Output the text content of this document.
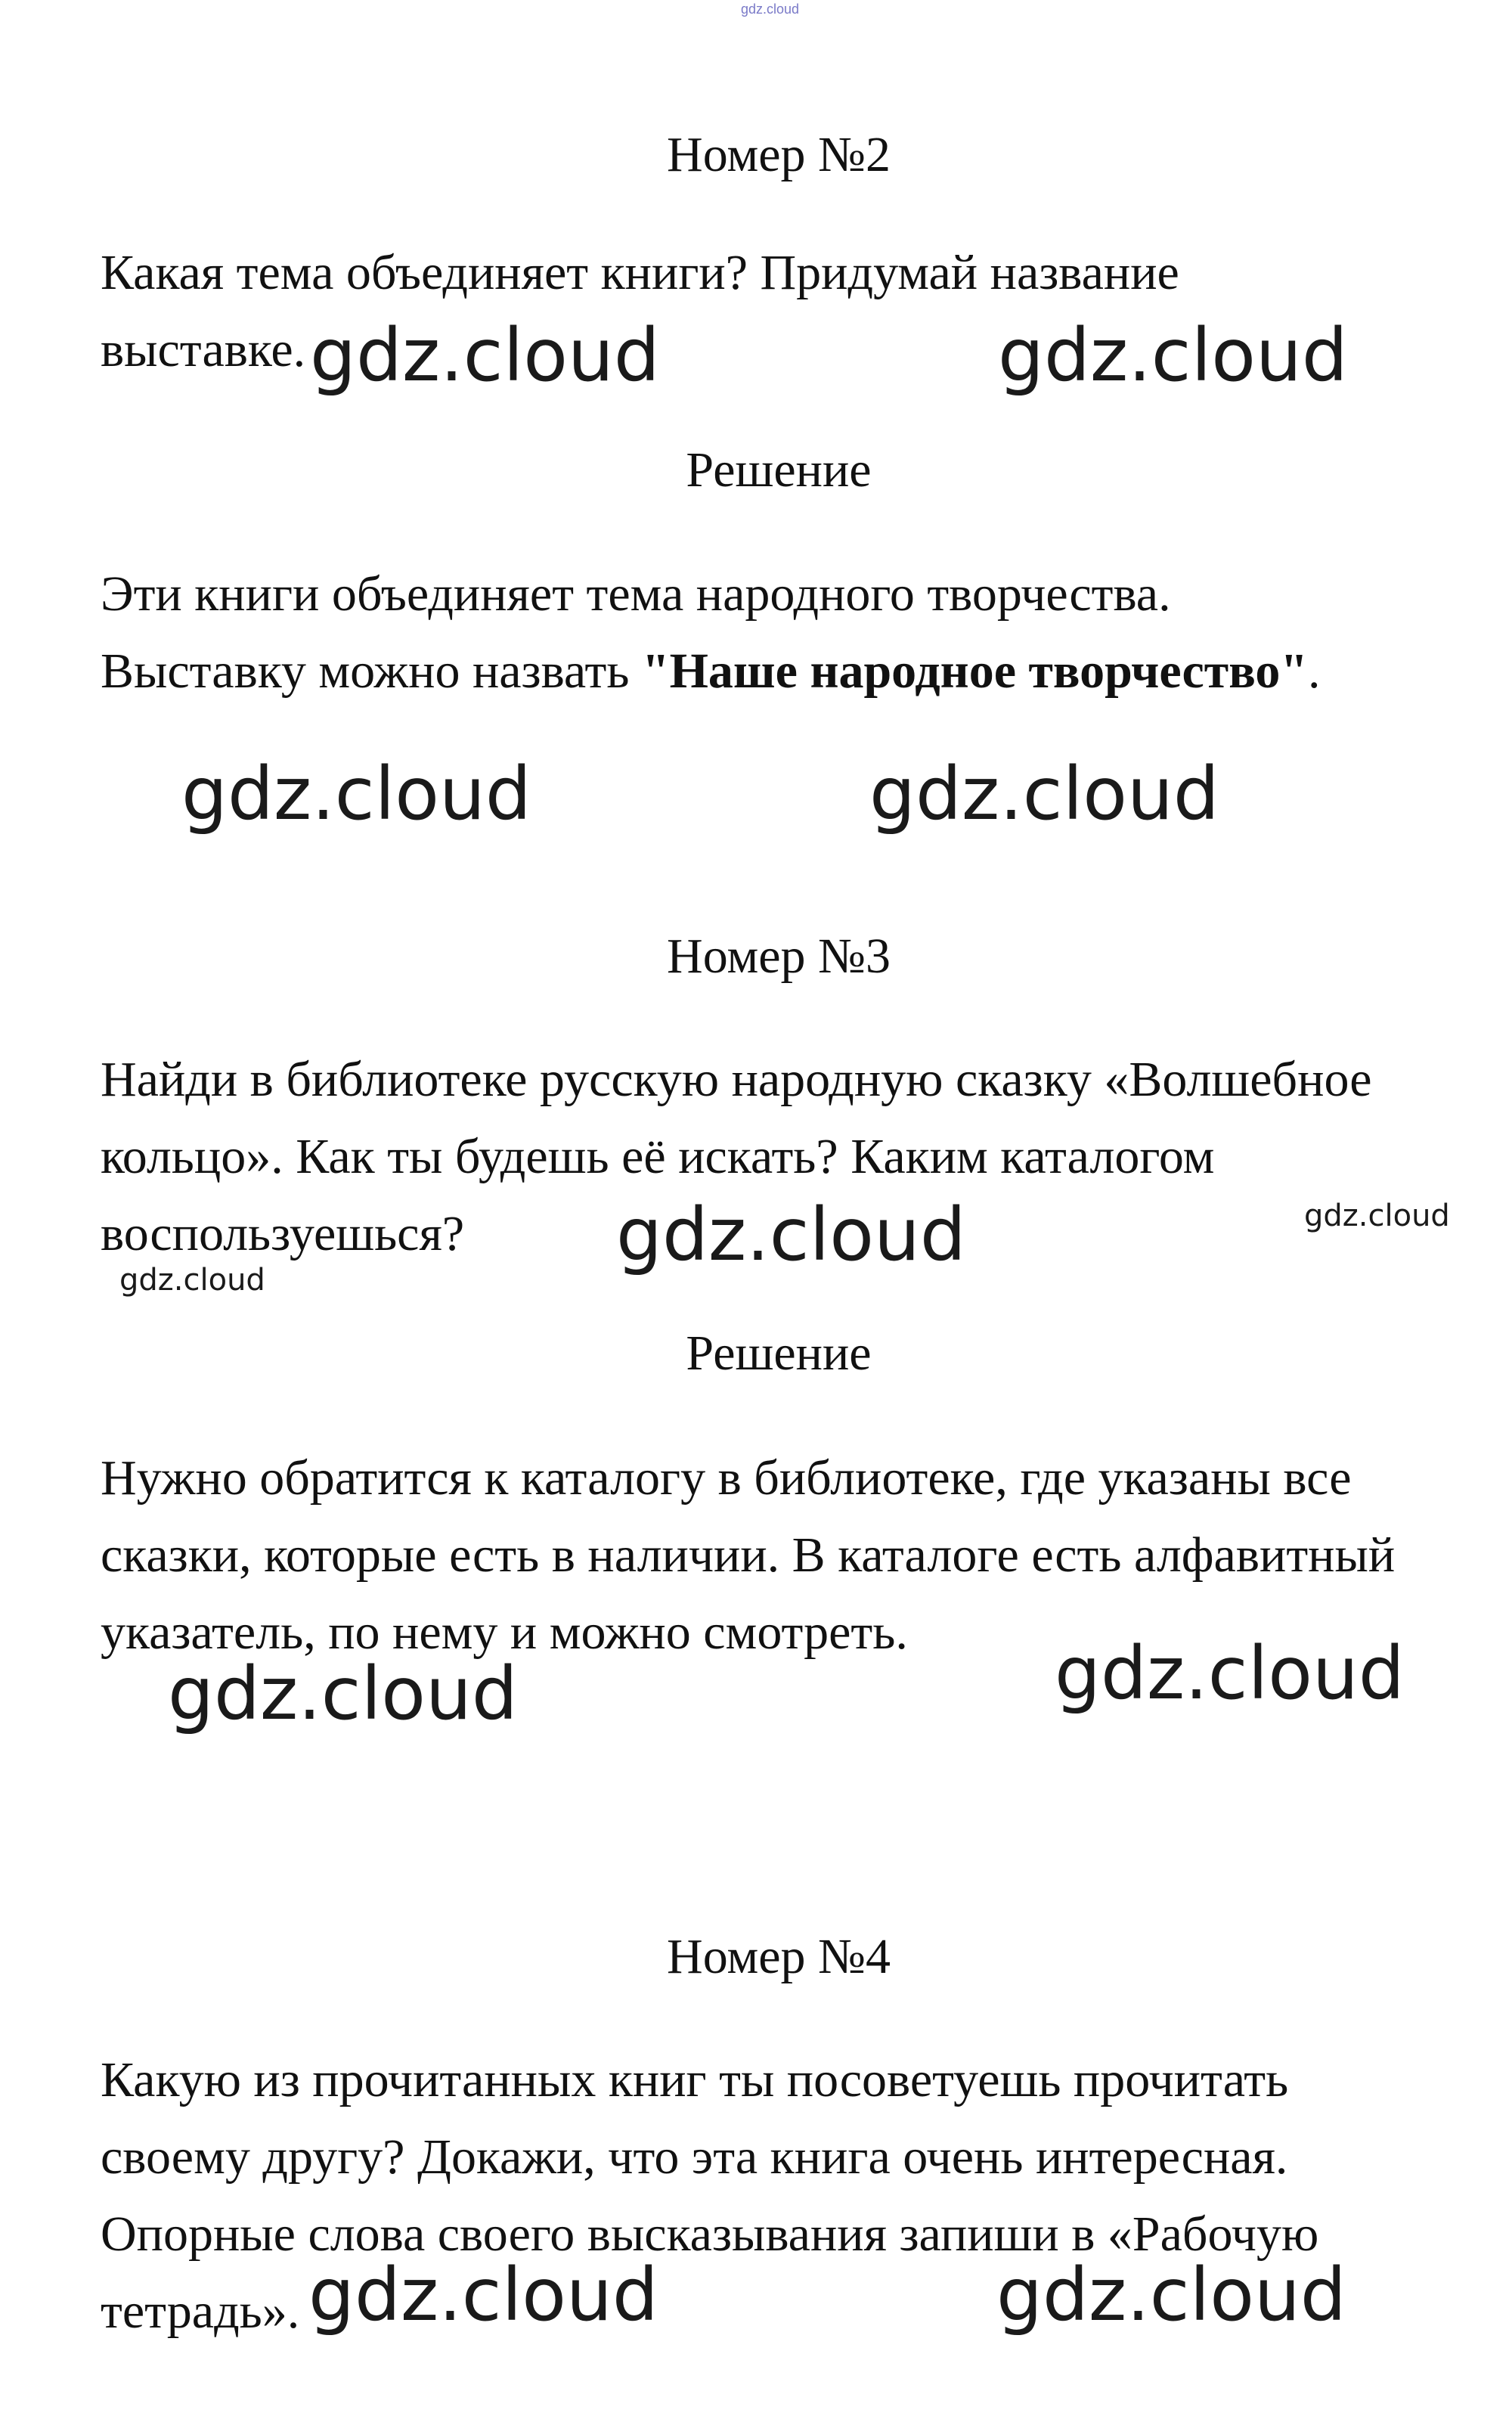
gdz.cloud
Номер №2

Какая тема объединяет книги? Придумай название
выставке.

Решение

Эти книги объединяет тема народного творчества.
Выставку можно назвать "Наше народное творчество".

Номер №3

Найди в библиотеке русскую народную сказку «Волшебное
кольцо». Как ты будешь её искать? Каким каталогом
воспользуешься?

Решение

Нужно обратится к каталогу в библиотеке, где указаны все
сказки, которые есть в наличии. В каталоге есть алфавитный
указатель, по нему и можно смотреть.

Номер №4

Какую из прочитанных книг ты посоветуешь прочитать
своему другу? Докажи, что эта книга очень интересная.
Опорные слова своего высказывания запиши в «Рабочую
тетрадь».

gdz.cloud	gdz.cloud
gdz.cloud	gdz.cloud
gdz.cloud	gdz.cloud
gdz.cloud
gdz.cloud	gdz.cloud
gdz.cloud	gdz.cloud
